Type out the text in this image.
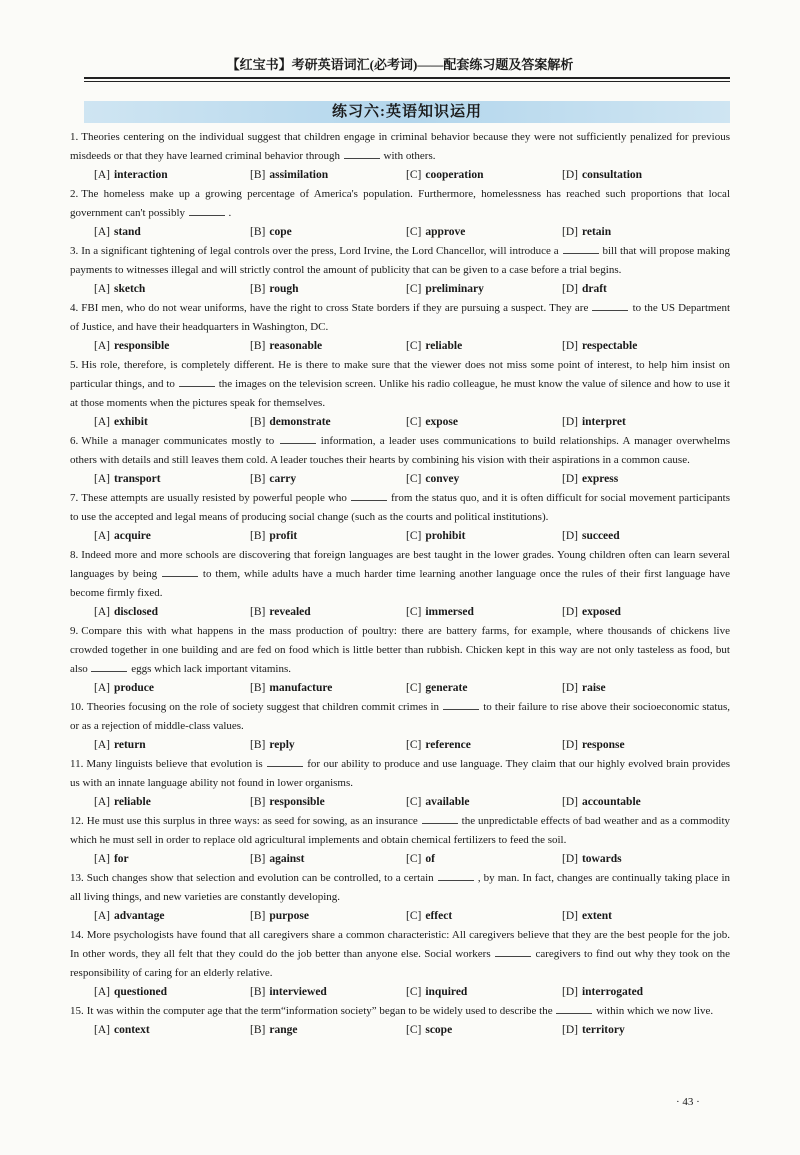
【红宝书】考研英语词汇(必考词)——配套练习题及答案解析
练习六:英语知识运用
1. Theories centering on the individual suggest that children engage in criminal behavior because they were not sufficiently penalized for previous misdeeds or that they have learned criminal behavior through	with others.
[A] interaction	[B] assimilation	[C] cooperation	[D] consultation
2. The homeless make up a growing percentage of America's population. Furthermore, homelessness has reached such proportions that local government can't possibly	.
[A] stand	[B] cope	[C] approve	[D] retain
3. In a significant tightening of legal controls over the press, Lord Irvine, the Lord Chancellor, will introduce a	bill that will propose making payments to witnesses illegal and will strictly control the amount of publicity that can be given to a case before a trial begins.
[A] sketch	[B] rough	[C] preliminary	[D] draft
4. FBI men, who do not wear uniforms, have the right to cross State borders if they are pursuing a suspect. They are	to the US Department of Justice, and have their headquarters in Washington, DC.
[A] responsible	[B] reasonable	[C] reliable	[D] respectable
5. His role, therefore, is completely different. He is there to make sure that the viewer does not miss some point of interest, to help him insist on particular things, and to	the images on the television screen. Unlike his radio colleague, he must know the value of silence and how to use it at those moments when the pictures speak for themselves.
[A] exhibit	[B] demonstrate	[C] expose	[D] interpret
6. While a manager communicates mostly to	information, a leader uses communications to build relationships. A manager overwhelms others with details and still leaves them cold. A leader touches their hearts by combining his vision with their aspirations in a common cause.
[A] transport	[B] carry	[C] convey	[D] express
7. These attempts are usually resisted by powerful people who	from the status quo, and it is often difficult for social movement participants to use the accepted and legal means of producing social change (such as the courts and political institutions).
[A] acquire	[B] profit	[C] prohibit	[D] succeed
8. Indeed more and more schools are discovering that foreign languages are best taught in the lower grades. Young children often can learn several languages by being	to them, while adults have a much harder time learning another language once the rules of their first language have become firmly fixed.
[A] disclosed	[B] revealed	[C] immersed	[D] exposed
9. Compare this with what happens in the mass production of poultry: there are battery farms, for example, where thousands of chickens live crowded together in one building and are fed on food which is little better than rubbish. Chicken kept in this way are not only tasteless as food, but also	eggs which lack important vitamins.
[A] produce	[B] manufacture	[C] generate	[D] raise
10. Theories focusing on the role of society suggest that children commit crimes in	to their failure to rise above their socioeconomic status, or as a rejection of middle-class values.
[A] return	[B] reply	[C] reference	[D] response
11. Many linguists believe that evolution is	for our ability to produce and use language. They claim that our highly evolved brain provides us with an innate language ability not found in lower organisms.
[A] reliable	[B] responsible	[C] available	[D] accountable
12. He must use this surplus in three ways: as seed for sowing, as an insurance	the unpredictable effects of bad weather and as a commodity which he must sell in order to replace old agricultural implements and obtain chemical fertilizers to feed the soil.
[A] for	[B] against	[C] of	[D] towards
13. Such changes show that selection and evolution can be controlled, to a certain	, by man. In fact, changes are continually taking place in all living things, and new varieties are constantly developing.
[A] advantage	[B] purpose	[C] effect	[D] extent
14. More psychologists have found that all caregivers share a common characteristic: All caregivers believe that they are the best people for the job. In other words, they all felt that they could do the job better than anyone else. Social workers	caregivers to find out why they took on the responsibility of caring for an elderly relative.
[A] questioned	[B] interviewed	[C] inquired	[D] interrogated
15. It was within the computer age that the term“information society” began to be widely used to describe the	within which we now live.
[A] context	[B] range	[C] scope	[D] territory
· 43 ·
